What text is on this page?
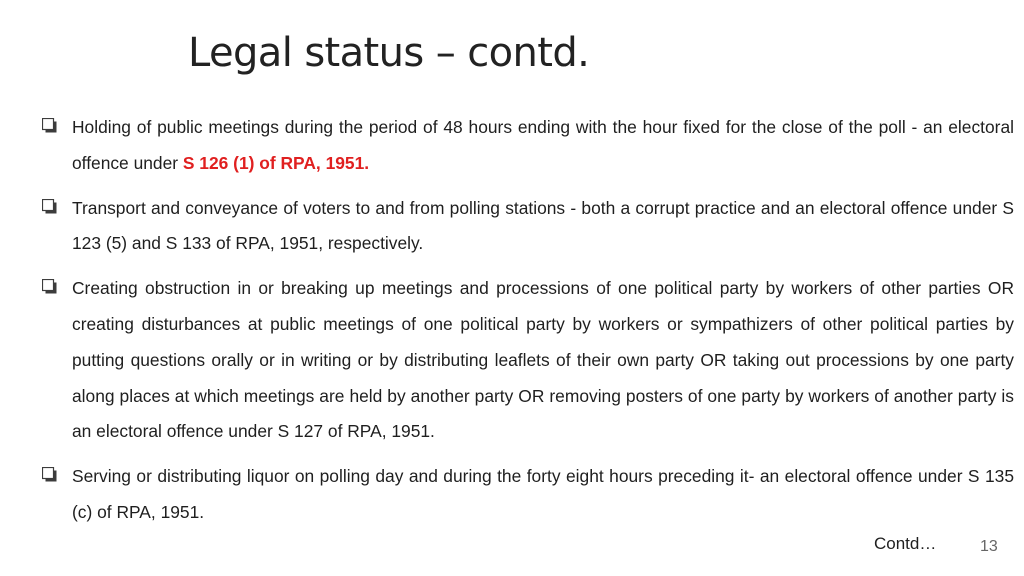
Legal status – contd.
Holding of public meetings during the period of 48 hours ending with the hour fixed for the close of the poll - an electoral offence under S 126 (1) of RPA, 1951.
Transport and conveyance of voters to and from polling stations - both a corrupt practice and an electoral offence under S 123 (5) and S 133 of RPA, 1951, respectively.
Creating obstruction in or breaking up meetings and processions of one political party by workers of other parties OR creating disturbances at public meetings of one political party by workers or sympathizers of other political parties by putting questions orally or in writing or by distributing leaflets of their own party OR taking out processions by one party along places at which meetings are held by another party OR removing posters of one party by workers of another party is an electoral offence under S 127 of RPA, 1951.
Serving or distributing liquor on polling day and during the forty eight hours preceding it- an electoral offence under S 135 (c) of RPA, 1951.
Contd…	13
